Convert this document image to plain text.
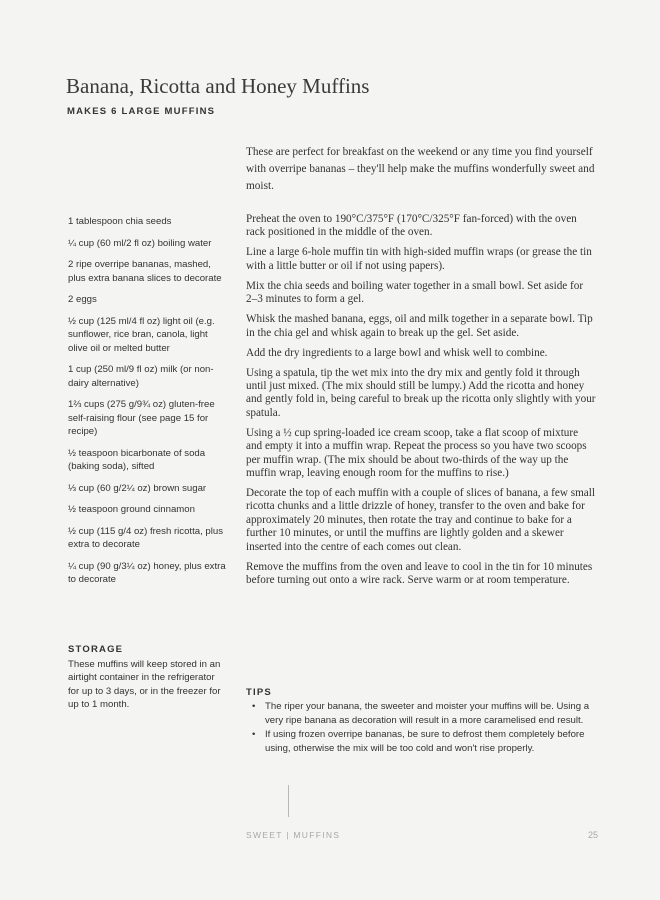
Banana, Ricotta and Honey Muffins
MAKES 6 LARGE MUFFINS
These are perfect for breakfast on the weekend or any time you find yourself with overripe bananas – they'll help make the muffins wonderfully sweet and moist.
1 tablespoon chia seeds
¼ cup (60 ml/2 fl oz) boiling water
2 ripe overripe bananas, mashed, plus extra banana slices to decorate
2 eggs
½ cup (125 ml/4 fl oz) light oil (e.g. sunflower, rice bran, canola, light olive oil or melted butter
1 cup (250 ml/9 fl oz) milk (or non-dairy alternative)
1⅔ cups (275 g/9¾ oz) gluten-free self-raising flour (see page 15 for recipe)
½ teaspoon bicarbonate of soda (baking soda), sifted
⅓ cup (60 g/2¼ oz) brown sugar
½ teaspoon ground cinnamon
½ cup (115 g/4 oz) fresh ricotta, plus extra to decorate
¼ cup (90 g/3¼ oz) honey, plus extra to decorate
STORAGE
These muffins will keep stored in an airtight container in the refrigerator for up to 3 days, or in the freezer for up to 1 month.

Preheat the oven to 190°C/375°F (170°C/325°F fan-forced) with the oven rack positioned in the middle of the oven.

Line a large 6-hole muffin tin with high-sided muffin wraps (or grease the tin with a little butter or oil if not using papers).

Mix the chia seeds and boiling water together in a small bowl. Set aside for 2–3 minutes to form a gel.

Whisk the mashed banana, eggs, oil and milk together in a separate bowl. Tip in the chia gel and whisk again to break up the gel. Set aside.

Add the dry ingredients to a large bowl and whisk well to combine.

Using a spatula, tip the wet mix into the dry mix and gently fold it through until just mixed. (The mix should still be lumpy.) Add the ricotta and honey and gently fold in, being careful to break up the ricotta only slightly with your spatula.

Using a ½ cup spring-loaded ice cream scoop, take a flat scoop of mixture and empty it into a muffin wrap. Repeat the process so you have two scoops per muffin wrap. (The mix should be about two-thirds of the way up the muffin wrap, leaving enough room for the muffins to rise.)

Decorate the top of each muffin with a couple of slices of banana, a few small ricotta chunks and a little drizzle of honey, transfer to the oven and bake for approximately 20 minutes, then rotate the tray and continue to bake for a further 10 minutes, or until the muffins are lightly golden and a skewer inserted into the centre of each comes out clean.

Remove the muffins from the oven and leave to cool in the tin for 10 minutes before turning out onto a wire rack. Serve warm or at room temperature.

TIPS
• The riper your banana, the sweeter and moister your muffins will be. Using a very ripe banana as decoration will result in a more caramelised end result.
• If using frozen overripe bananas, be sure to defrost them completely before using, otherwise the mix will be too cold and won't rise properly.
SWEET | MUFFINS	25
